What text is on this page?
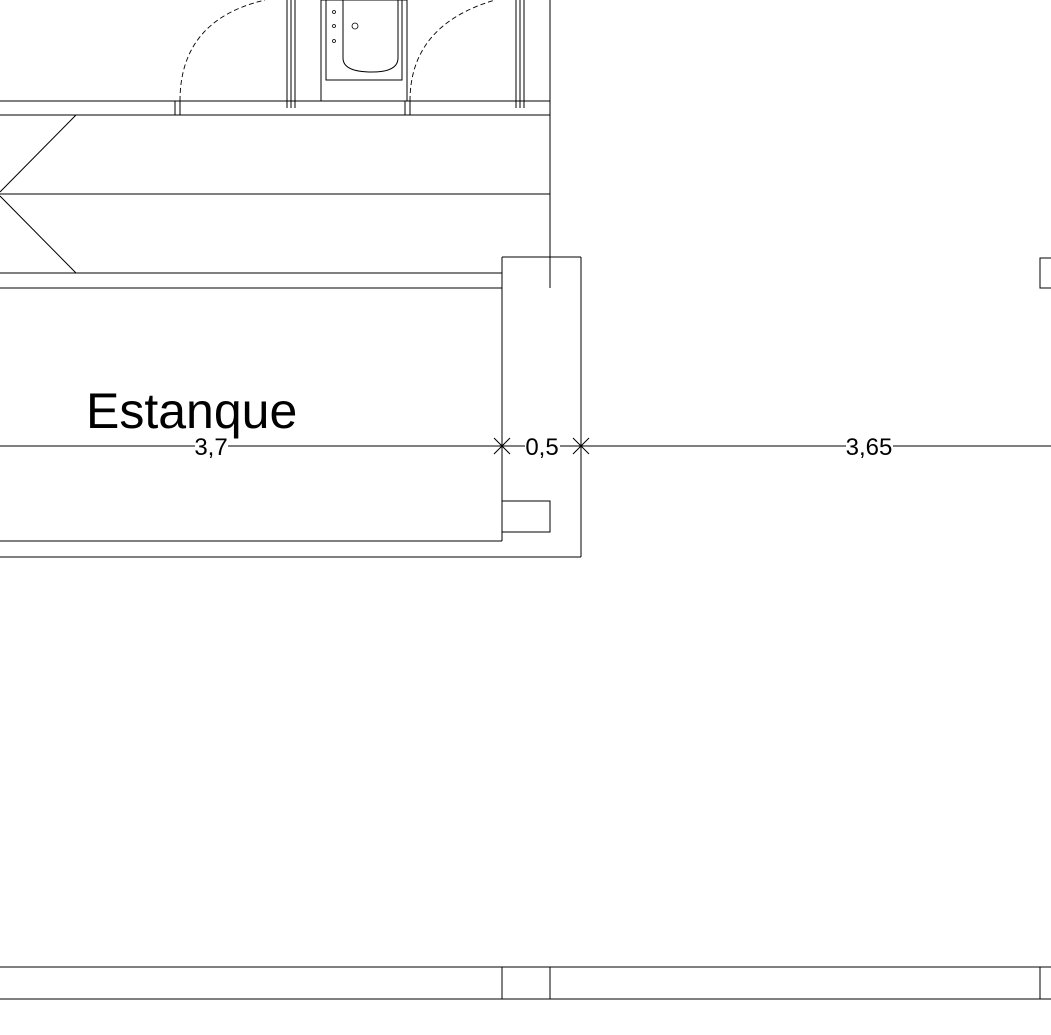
Estanque
3,7	0,5	3,65
